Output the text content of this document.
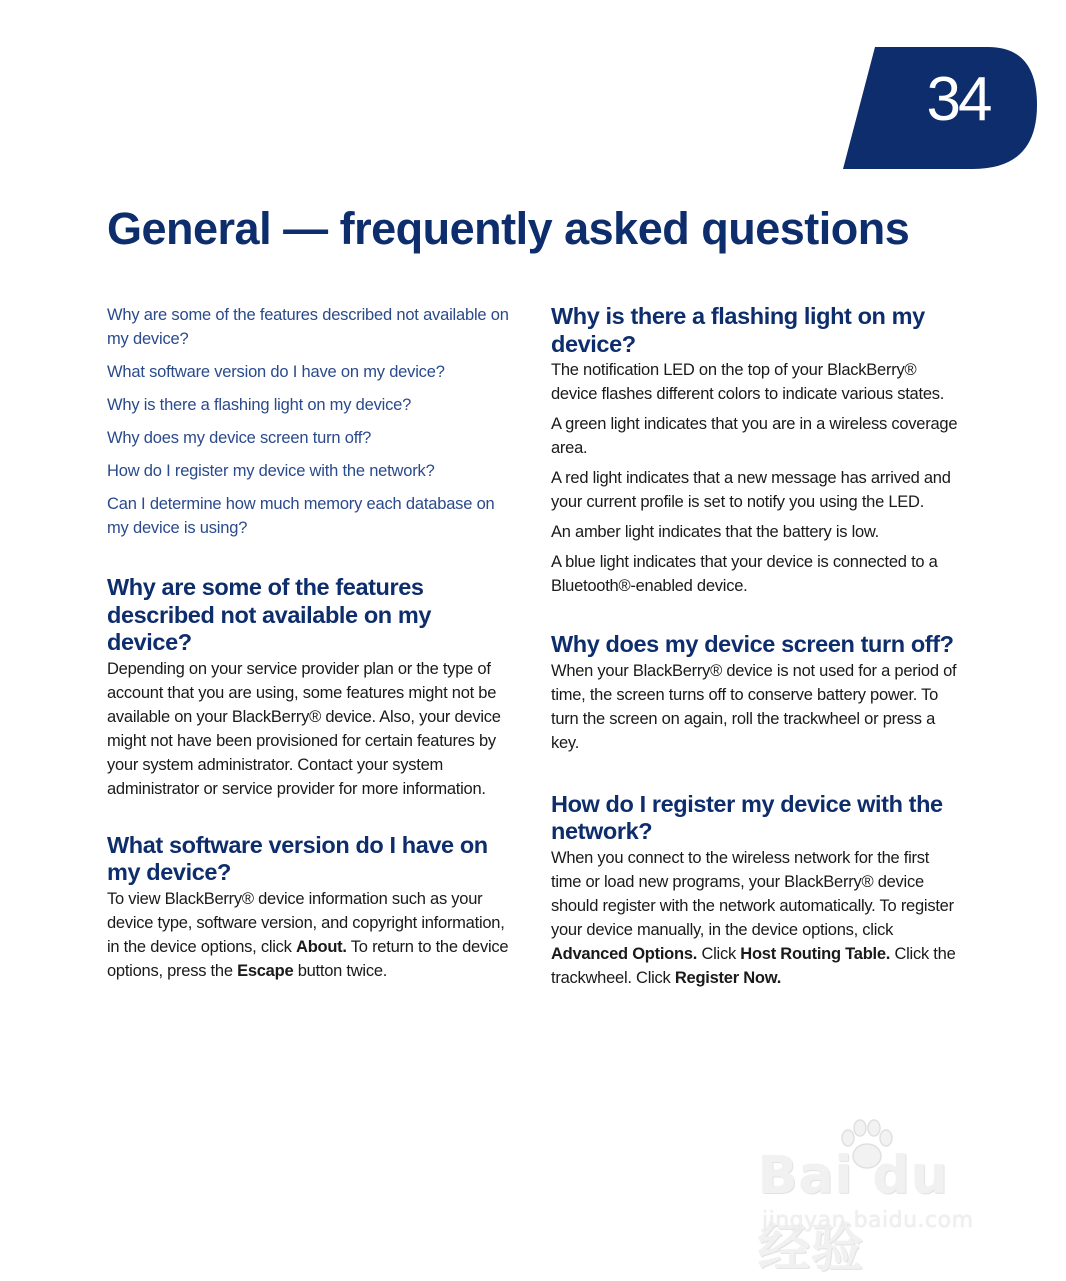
34
General — frequently asked questions
Why are some of the features described not available on my device?
What software version do I have on my device?
Why is there a flashing light on my device?
Why does my device screen turn off?
How do I register my device with the network?
Can I determine how much memory each database on my device is using?
Why are some of the features described not available on my device?

Depending on your service provider plan or the type of account that you are using, some features might not be available on your BlackBerry® device. Also, your device might not have been provisioned for certain features by your system administrator. Contact your system administrator or service provider for more information.

What software version do I have on my device?

To view BlackBerry® device information such as your device type, software version, and copyright information, in the device options, click About. To return to the device options, press the Escape button twice.

Why is there a flashing light on my device?

The notification LED on the top of your BlackBerry® device flashes different colors to indicate various states.

A green light indicates that you are in a wireless coverage area.

A red light indicates that a new message has arrived and your current profile is set to notify you using the LED.

An amber light indicates that the battery is low.

A blue light indicates that your device is connected to a Bluetooth®-enabled device.

Why does my device screen turn off?

When your BlackBerry® device is not used for a period of time, the screen turns off to conserve battery power. To turn the screen on again, roll the trackwheel or press a key.

How do I register my device with the network?

When you connect to the wireless network for the first time or load new programs, your BlackBerry® device should register with the network automatically. To register your device manually, in the device options, click Advanced Options. Click Host Routing Table. Click the trackwheel. Click Register Now.

Bai du 经验
jingyan.baidu.com
